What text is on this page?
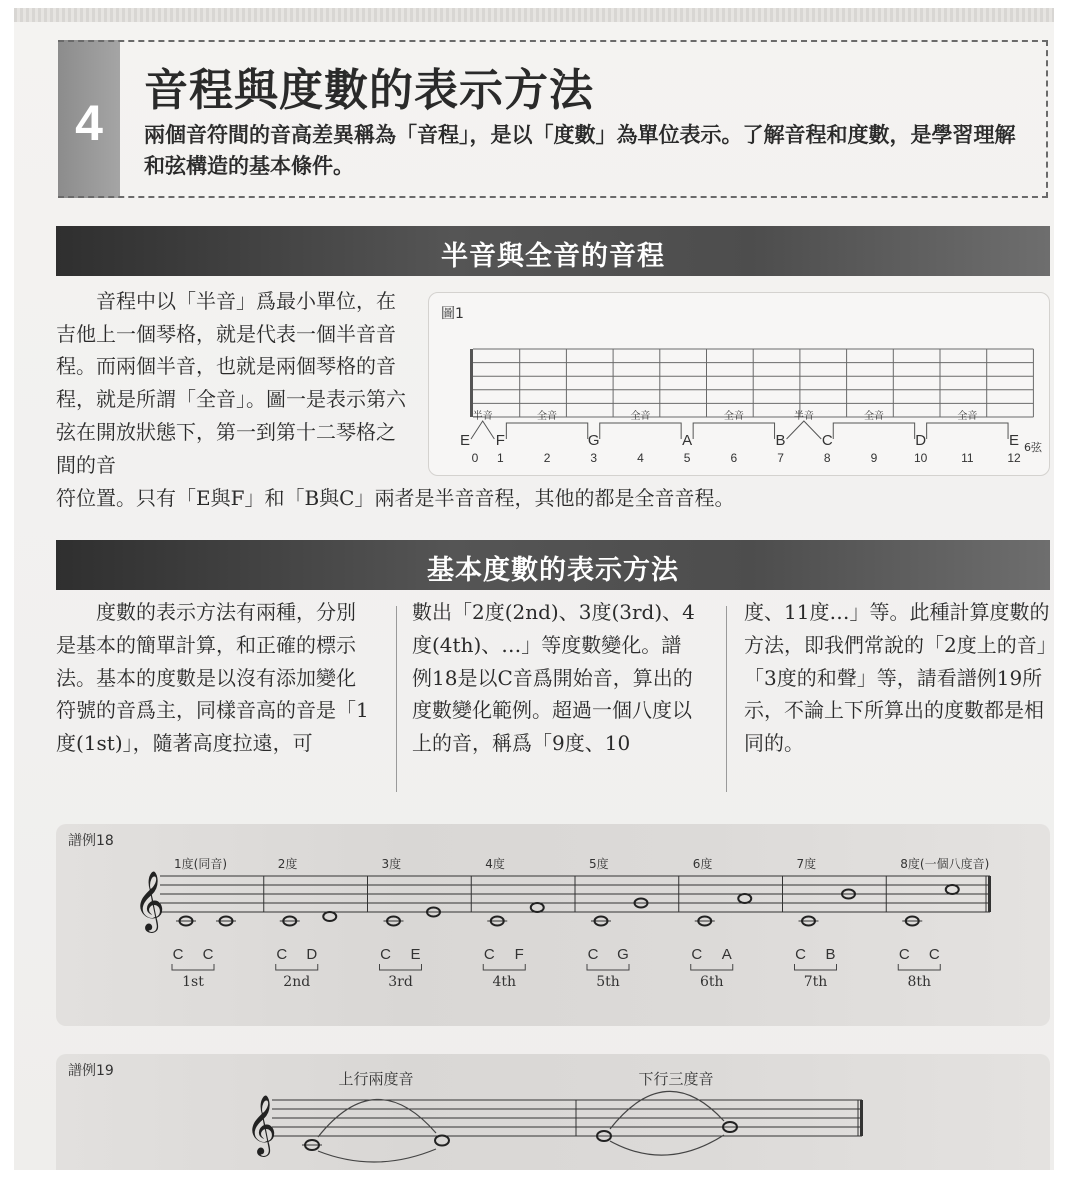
4
音程與度數的表示方法
兩個音符間的音高差異稱為「音程」，是以「度數」為單位表示。了解音程和度數，是學習理解和弦構造的基本條件。
半音與全音的音程
音程中以「半音」爲最小單位，在吉他上一個琴格，就是代表一個半音音程。而兩個半音，也就是兩個琴格的音程，就是所謂「全音」。圖一是表示第六弦在開放狀態下，第一到第十二琴格之間的音
符位置。只有「E與F」和「B與C」兩者是半音音程，其他的都是全音音程。
圖1
0 1	2	3	4	5	6	7	8	9	10	11	12
E F	G	A	B C	D	E 6弦
半音	全音	全音	全音	半音	全音	全音
基本度數的表示方法
度數的表示方法有兩種，分別是基本的簡單計算，和正確的標示法。基本的度數是以沒有添加變化符號的音爲主，同樣音高的音是「1度(1st)」，隨著高度拉遠，可
數出「2度(2nd)、3度(3rd)、4度(4th)、…」等度數變化。譜例18是以C音爲開始音，算出的度數變化範例。超過一個八度以上的音，稱爲「9度、10
度、11度…」等。此種計算度數的方法，即我們常說的「2度上的音」「3度的和聲」等，請看譜例19所示，不論上下所算出的度數都是相同的。
譜例18
𝄞
1度(同音)
C C
1st
2度
C D
2nd
3度
C E
3rd
4度
C F
4th
5度
C G
5th
6度
C A
6th
7度
C B
7th
8度(一個八度音)
C C
8th
譜例19
𝄞
上行兩度音	下行三度音
